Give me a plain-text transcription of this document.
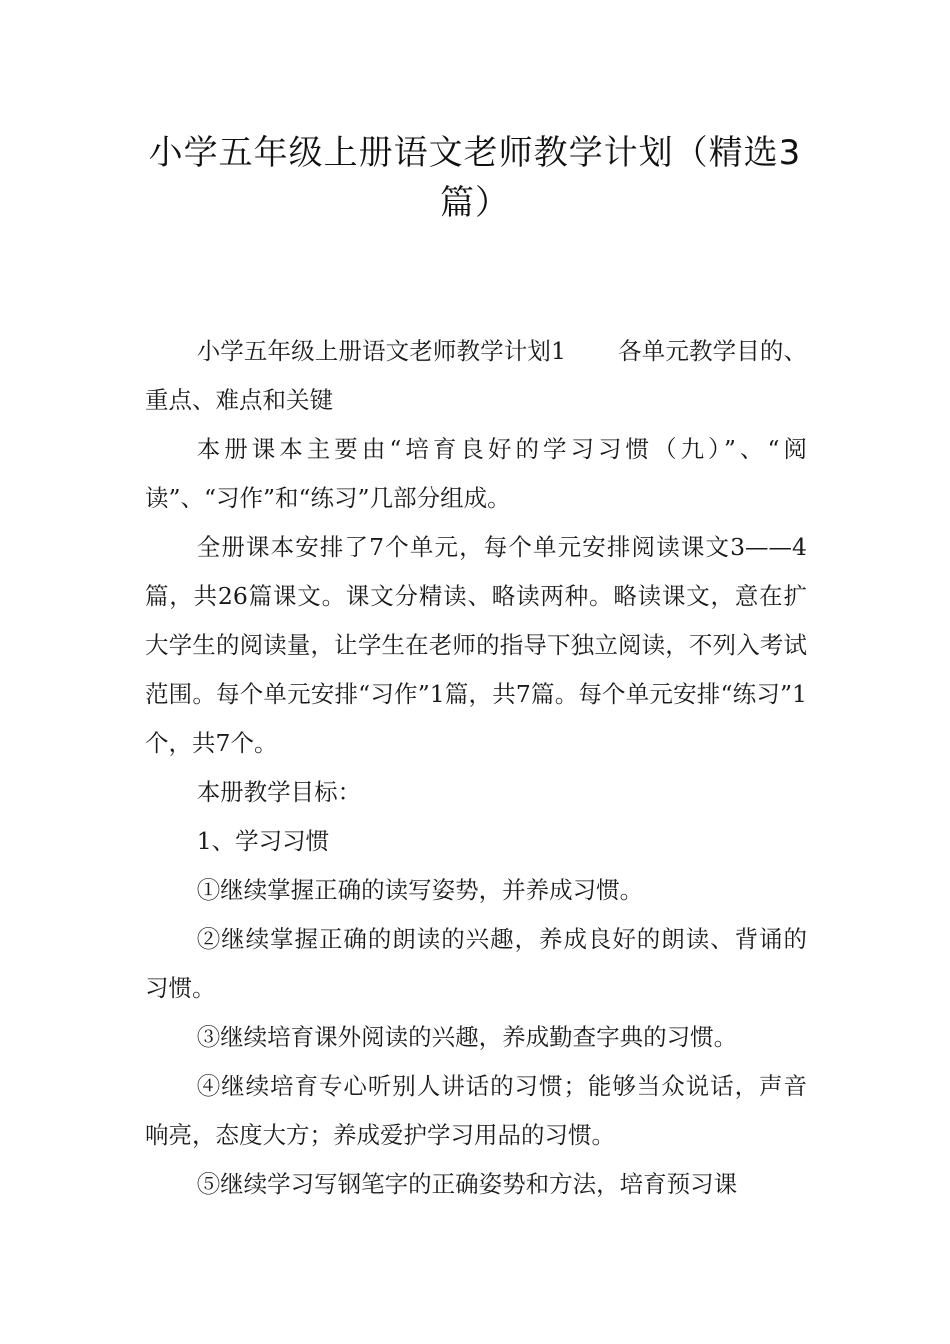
小学五年级上册语文老师教学计划（精选3篇）

小学五年级上册语文老师教学计划1 各单元教学目的、重点、难点和关键

本册课本主要由“培育良好的学习习惯（九）”、“阅读”、“习作”和“练习”几部分组成。

全册课本安排了7个单元，每个单元安排阅读课文3——4篇，共26篇课文。课文分精读、略读两种。略读课文，意在扩大学生的阅读量，让学生在老师的指导下独立阅读，不列入考试范围。每个单元安排“习作”1篇，共7篇。每个单元安排“练习”1个，共7个。

本册教学目标：

1、学习习惯

①继续掌握正确的读写姿势，并养成习惯。

②继续掌握正确的朗读的兴趣，养成良好的朗读、背诵的习惯。

③继续培育课外阅读的兴趣，养成勤查字典的习惯。

④继续培育专心听别人讲话的习惯；能够当众说话，声音响亮，态度大方；养成爱护学习用品的习惯。

⑤继续学习写钢笔字的正确姿势和方法，培育预习课
